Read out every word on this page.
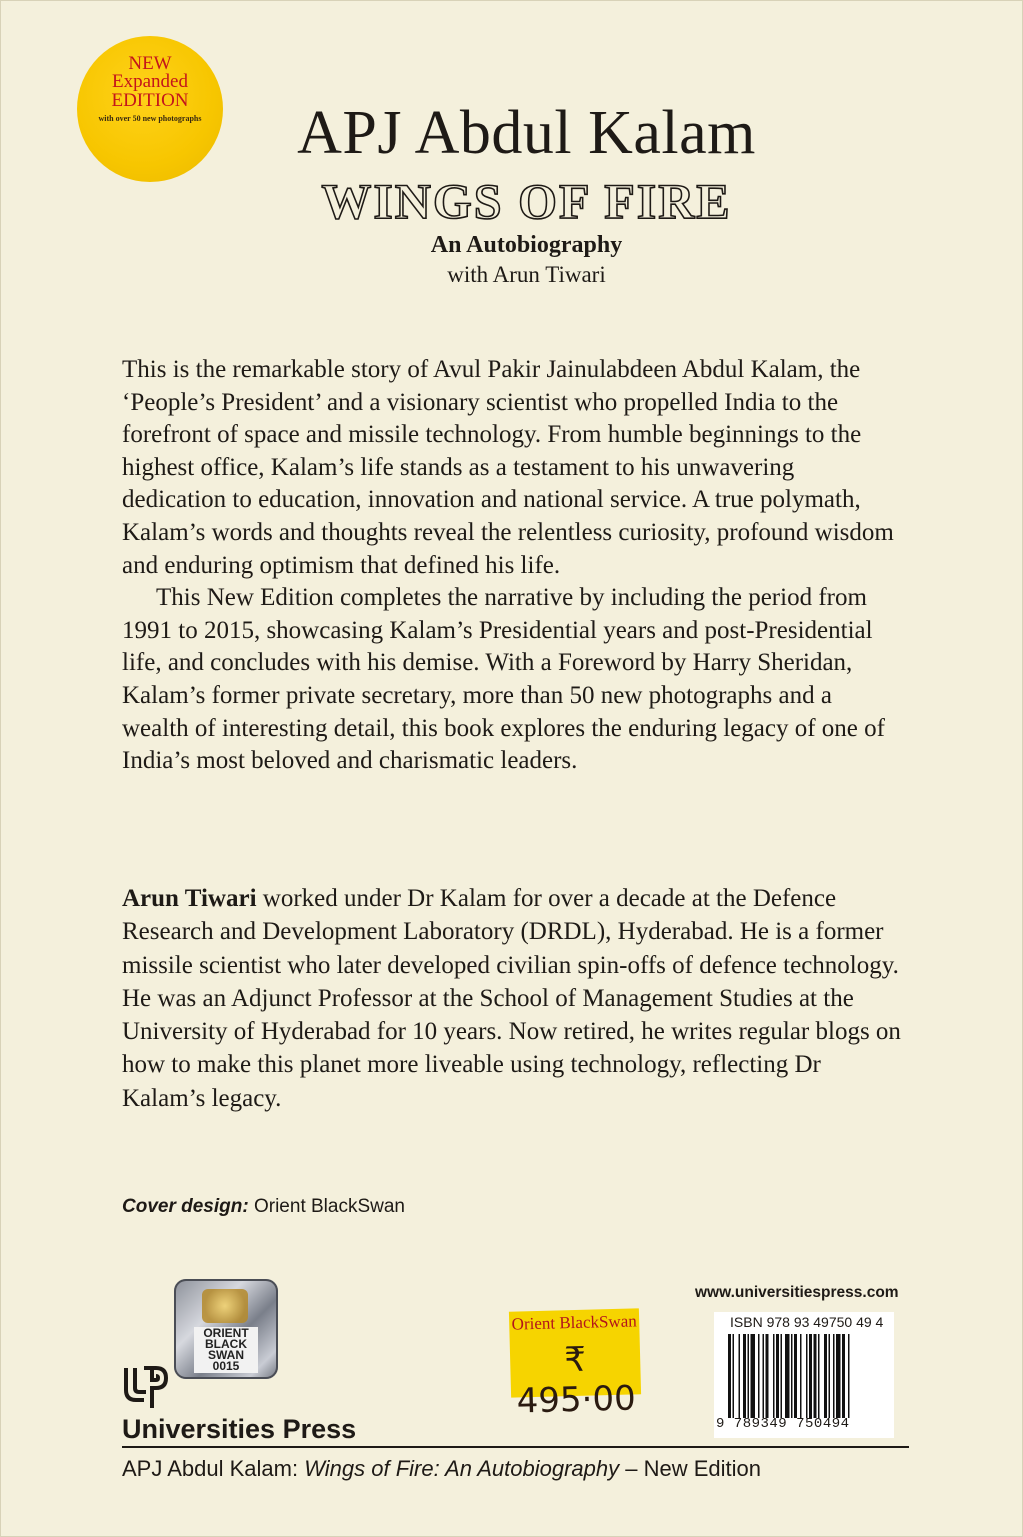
NEW
Expanded
EDITION
with over 50 new photographs	APJ Abdul Kalam
WINGS OF FIRE
An Autobiography
with Arun Tiwari

This is the remarkable story of Avul Pakir Jainulabdeen Abdul Kalam, the ‘People’s President’ and a visionary scientist who propelled India to the forefront of space and missile technology. From humble beginnings to the highest office, Kalam’s life stands as a testament to his unwavering dedication to education, innovation and national service. A true polymath, Kalam’s words and thoughts reveal the relentless curiosity, profound wisdom and enduring optimism that defined his life.

This New Edition completes the narrative by including the period from 1991 to 2015, showcasing Kalam’s Presidential years and post-Presidential life, and concludes with his demise. With a Foreword by Harry Sheridan, Kalam’s former private secretary, more than 50 new photographs and a wealth of interesting detail, this book explores the enduring legacy of one of India’s most beloved and charismatic leaders.

Arun Tiwari worked under Dr Kalam for over a decade at the Defence Research and Development Laboratory (DRDL), Hyderabad. He is a former missile scientist who later developed civilian spin-offs of defence technology. He was an Adjunct Professor at the School of Management Studies at the University of Hyderabad for 10 years. Now retired, he writes regular blogs on how to make this planet more liveable using technology, reflecting Dr Kalam’s legacy.
Cover design: Orient BlackSwan
ORIENT
BLACK
SWAN
0015
Universities Press
Orient BlackSwan
₹ 495·00
www.universitiespress.com
ISBN 978 93 49750 49 4
9 789349 750494
APJ Abdul Kalam: Wings of Fire: An Autobiography – New Edition
